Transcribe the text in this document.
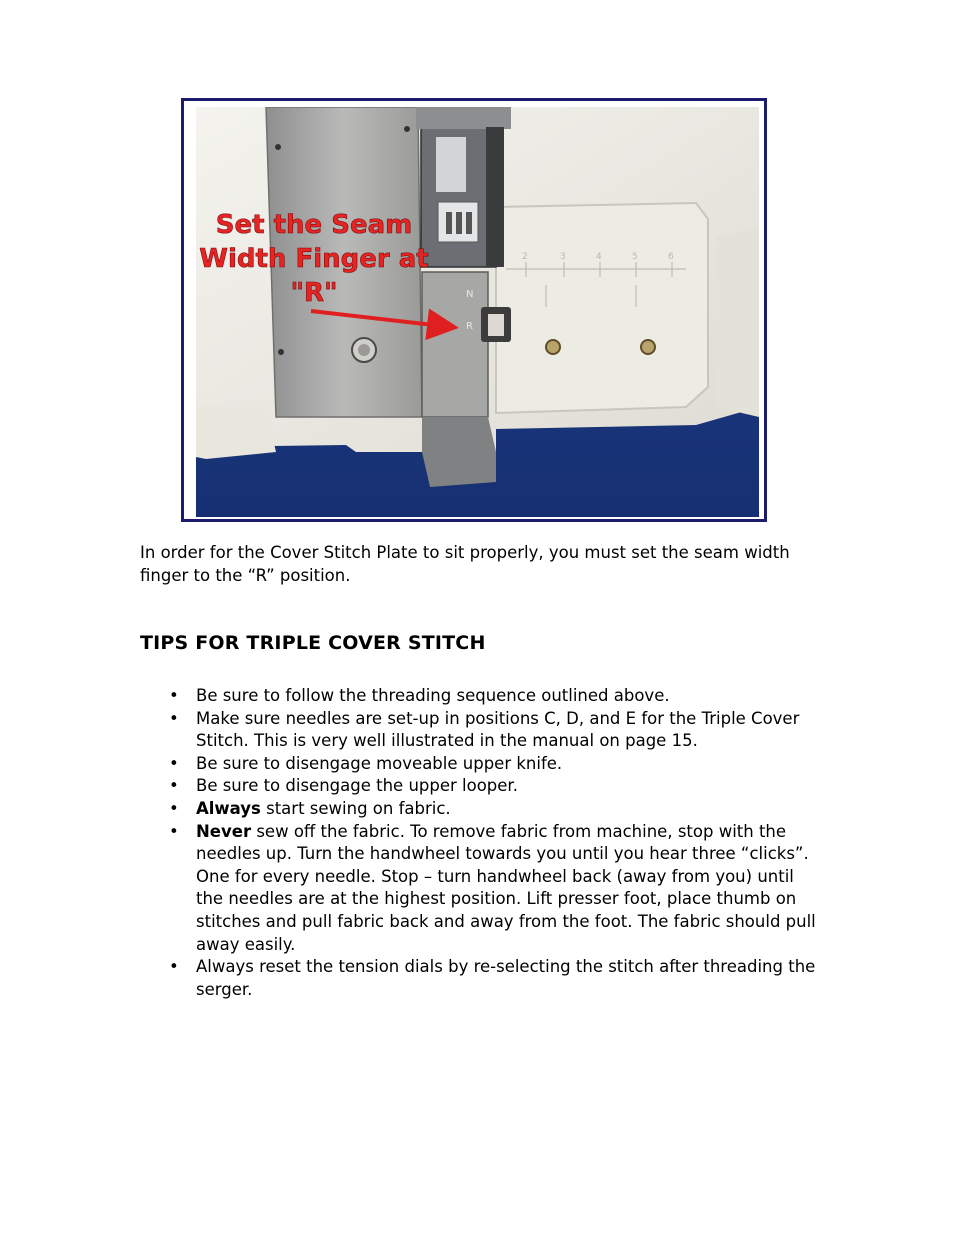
2	3	4	5	6
N
R
Set the Seam
Width Finger at
"R"

In order for the Cover Stitch Plate to sit properly, you must set the seam width finger to the “R” position.

TIPS FOR TRIPLE COVER STITCH
• Be sure to follow the threading sequence outlined above.
• Make sure needles are set-up in positions C, D, and E for the Triple Cover Stitch. This is very well illustrated in the manual on page 15.
• Be sure to disengage moveable upper knife.
• Be sure to disengage the upper looper.
• Always start sewing on fabric.
• Never sew off the fabric. To remove fabric from machine, stop with the needles up. Turn the handwheel towards you until you hear three “clicks”. One for every needle. Stop – turn handwheel back (away from you) until the needles are at the highest position. Lift presser foot, place thumb on stitches and pull fabric back and away from the foot. The fabric should pull away easily.
• Always reset the tension dials by re-selecting the stitch after threading the serger.
